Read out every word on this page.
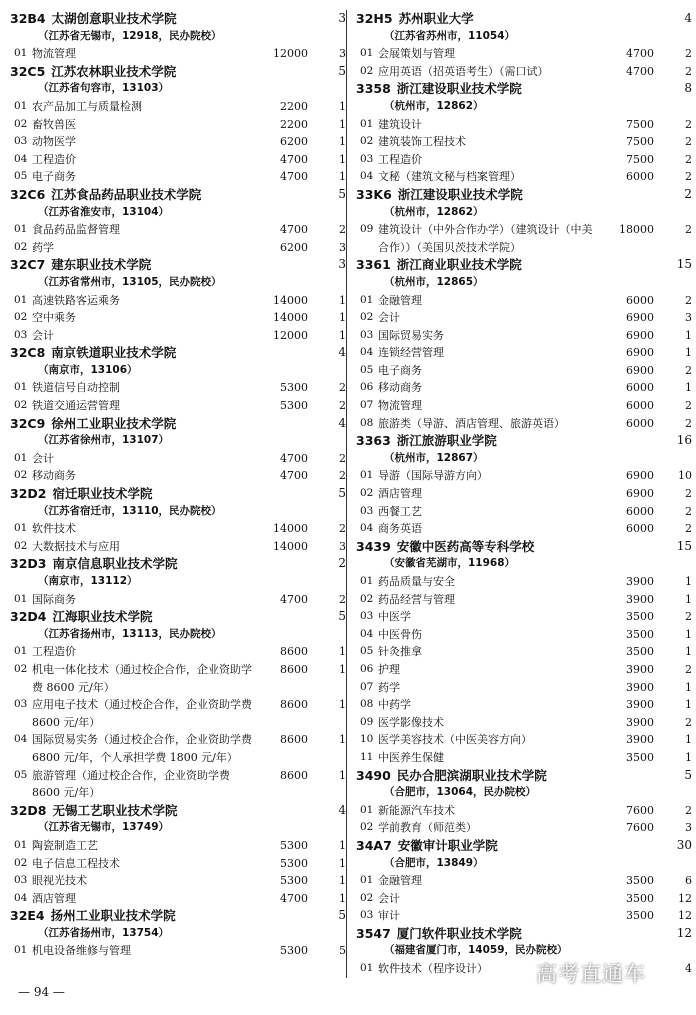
32B4 太湖创意职业技术学院	3
（江苏省无锡市，12918，民办院校）
01 物流管理	12000	3
32C5 江苏农林职业技术学院	5
（江苏省句容市，13103）
01 农产品加工与质量检测	2200	1
02 畜牧兽医	2200	1
03 动物医学	6200	1
04 工程造价	4700	1
05 电子商务	4700	1
32C6 江苏食品药品职业技术学院	5
（江苏省淮安市，13104）
01 食品药品监督管理	4700	2
02 药学	6200	3
32C7 建东职业技术学院	3
（江苏省常州市，13105，民办院校）
01 高速铁路客运乘务	14000	1
02 空中乘务	14000	1
03 会计	12000	1
32C8 南京铁道职业技术学院	4
（南京市，13106）
01 铁道信号自动控制	5300	2
02 铁道交通运营管理	5300	2
32C9 徐州工业职业技术学院	4
（江苏省徐州市，13107）
01 会计	4700	2
02 移动商务	4700	2
32D2 宿迁职业技术学院	5
（江苏省宿迁市，13110，民办院校）
01 软件技术	14000	2
02 大数据技术与应用	14000	3
32D3 南京信息职业技术学院	2
（南京市，13112）
01 国际商务	4700	2
32D4 江海职业技术学院	5
（江苏省扬州市，13113，民办院校）
01 工程造价	8600	1
02 机电一体化技术（通过校企合作，企业资助学费 8600 元/年）
8600	1
03 应用电子技术（通过校企合作，企业资助学费 8600 元/年）
8600	1
04 国际贸易实务（通过校企合作，企业资助学费 6800 元/年，个人承担学费 1800 元/年）
8600	1
05 旅游管理（通过校企合作，企业资助学费 8600 元/年）
8600	1
32D8 无锡工艺职业技术学院	4
（江苏省无锡市，13749）
01 陶瓷制造工艺	5300	1
02 电子信息工程技术	5300	1
03 眼视光技术	5300	1
04 酒店管理	4700	1
32E4 扬州工业职业技术学院	5
（江苏省扬州市，13754）
01 机电设备维修与管理	5300	5
32H5 苏州职业大学	4
（江苏省苏州市，11054）
01 会展策划与管理	4700	2
02 应用英语（招英语考生）（需口试）	4700	2
3358 浙江建设职业技术学院	8
（杭州市，12862）
01 建筑设计	7500	2
02 建筑装饰工程技术	7500	2
03 工程造价	7500	2
04 文秘（建筑文秘与档案管理）	6000	2
33K6 浙江建设职业技术学院	2
（杭州市，12862）
09 建筑设计（中外合作办学）（建筑设计（中美合作））（美国贝茨技术学院）
18000	2
3361 浙江商业职业技术学院	15
（杭州市，12865）
01 金融管理	6000	2
02 会计	6900	3
03 国际贸易实务	6900	1
04 连锁经营管理	6900	1
05 电子商务	6900	2
06 移动商务	6000	1
07 物流管理	6000	2
08 旅游类（导游、酒店管理、旅游英语）	6000	2
3363 浙江旅游职业学院	16
（杭州市，12867）
01 导游（国际导游方向）	6900	10
02 酒店管理	6900	2
03 西餐工艺	6000	2
04 商务英语	6000	2
3439 安徽中医药高等专科学校	15
（安徽省芜湖市，11968）
01 药品质量与安全	3900	1
02 药品经营与管理	3900	1
03 中医学	3500	2
04 中医骨伤	3500	1
05 针灸推拿	3500	1
06 护理	3900	2
07 药学	3900	1
08 中药学	3900	1
09 医学影像技术	3900	2
10 医学美容技术（中医美容方向）	3900	1
11 中医养生保健	3500	1
3490 民办合肥滨湖职业技术学院	5
（合肥市，13064，民办院校）
01 新能源汽车技术	7600	2
02 学前教育（师范类）	7600	3
34A7 安徽审计职业学院	30
（合肥市，13849）
01 金融管理	3500	6
02 会计	3500	12
03 审计	3500	12
3547 厦门软件职业技术学院	12
（福建省厦门市，14059，民办院校）
01 软件技术（程序设计）	4
— 94 —
高考直通车
